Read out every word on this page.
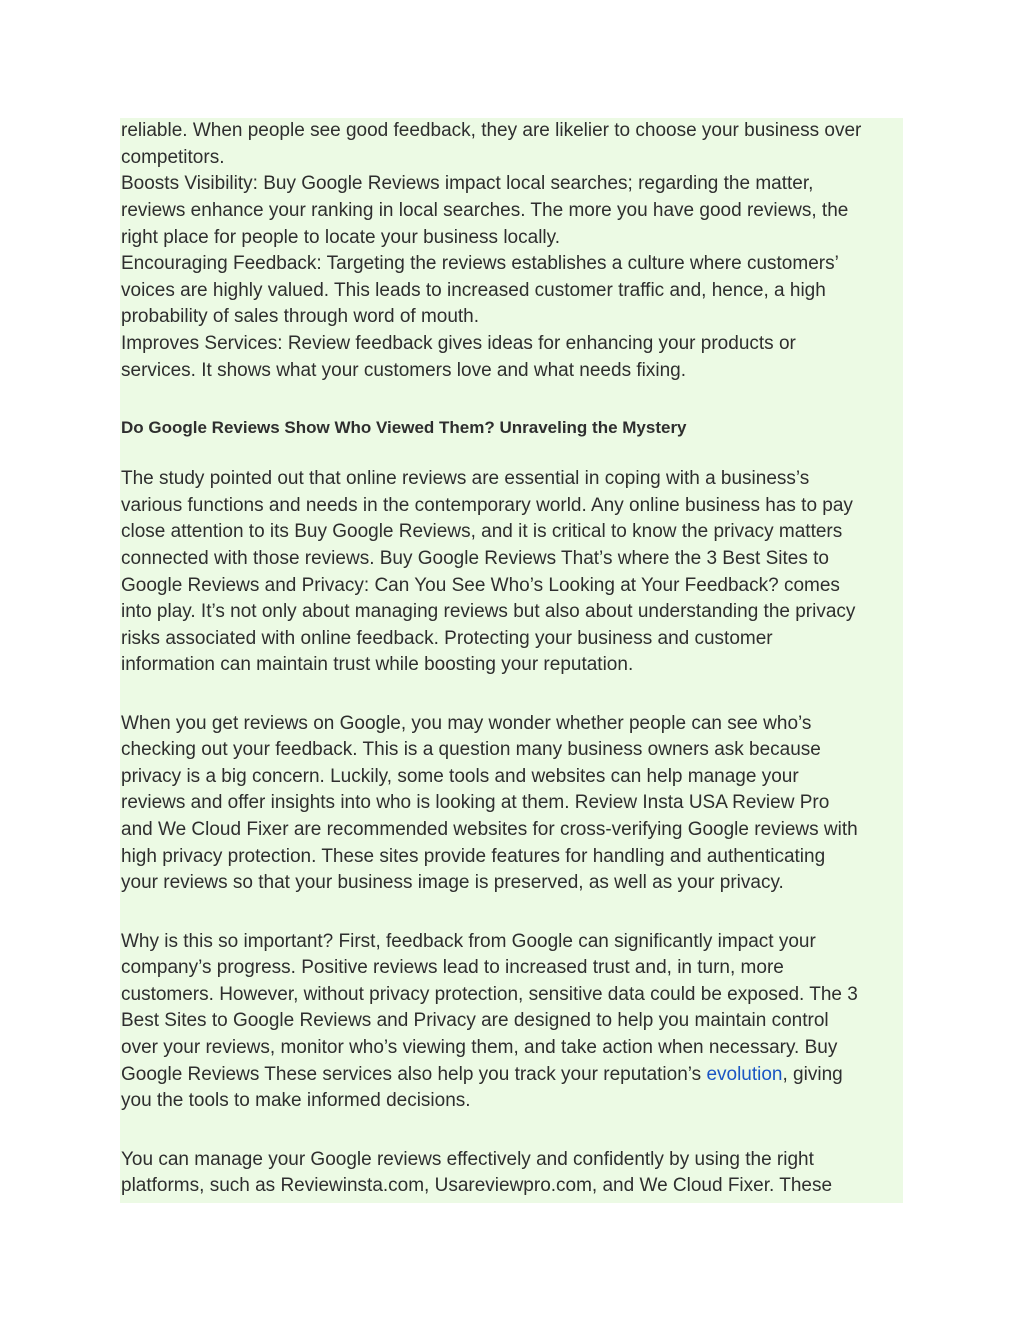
reliable. When people see good feedback, they are likelier to choose your business over
competitors.
Boosts Visibility: Buy Google Reviews impact local searches; regarding the matter,
reviews enhance your ranking in local searches. The more you have good reviews, the
right place for people to locate your business locally.
Encouraging Feedback: Targeting the reviews establishes a culture where customers’
voices are highly valued. This leads to increased customer traffic and, hence, a high
probability of sales through word of mouth.
Improves Services: Review feedback gives ideas for enhancing your products or
services. It shows what your customers love and what needs fixing.
Do Google Reviews Show Who Viewed Them? Unraveling the Mystery
The study pointed out that online reviews are essential in coping with a business’s
various functions and needs in the contemporary world. Any online business has to pay
close attention to its Buy Google Reviews, and it is critical to know the privacy matters
connected with those reviews. Buy Google Reviews That’s where the 3 Best Sites to
Google Reviews and Privacy: Can You See Who’s Looking at Your Feedback? comes
into play. It’s not only about managing reviews but also about understanding the privacy
risks associated with online feedback. Protecting your business and customer
information can maintain trust while boosting your reputation.
When you get reviews on Google, you may wonder whether people can see who’s
checking out your feedback. This is a question many business owners ask because
privacy is a big concern. Luckily, some tools and websites can help manage your
reviews and offer insights into who is looking at them. Review Insta USA Review Pro
and We Cloud Fixer are recommended websites for cross-verifying Google reviews with
high privacy protection. These sites provide features for handling and authenticating
your reviews so that your business image is preserved, as well as your privacy.
Why is this so important? First, feedback from Google can significantly impact your
company’s progress. Positive reviews lead to increased trust and, in turn, more
customers. However, without privacy protection, sensitive data could be exposed. The 3
Best Sites to Google Reviews and Privacy are designed to help you maintain control
over your reviews, monitor who’s viewing them, and take action when necessary. Buy
Google Reviews These services also help you track your reputation’s evolution, giving
you the tools to make informed decisions.
You can manage your Google reviews effectively and confidently by using the right
platforms, such as Reviewinsta.com, Usareviewpro.com, and We Cloud Fixer. These
